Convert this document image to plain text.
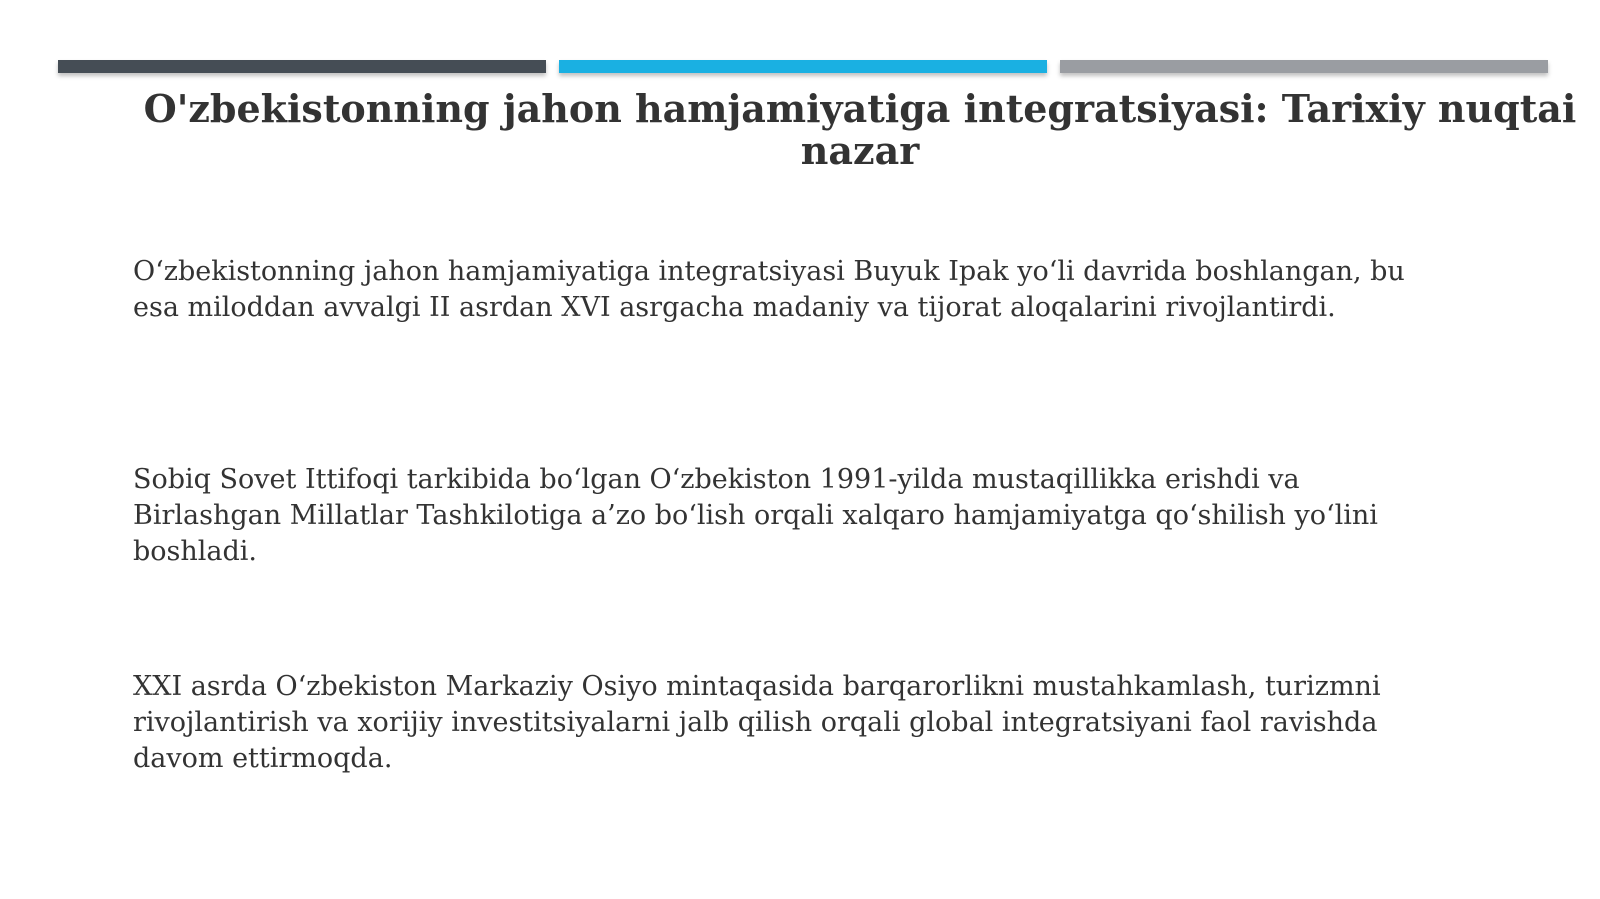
O'zbekistonning jahon hamjamiyatiga integratsiyasi: Tarixiy nuqtai
nazar

O‘zbekistonning jahon hamjamiyatiga integratsiyasi Buyuk Ipak yo‘li davrida boshlangan, bu
esa miloddan avvalgi II asrdan XVI asrgacha madaniy va tijorat aloqalarini rivojlantirdi.

Sobiq Sovet Ittifoqi tarkibida bo‘lgan O‘zbekiston 1991-yilda mustaqillikka erishdi va
Birlashgan Millatlar Tashkilotiga a’zo bo‘lish orqali xalqaro hamjamiyatga qo‘shilish yo‘lini
boshladi.

XXI asrda O‘zbekiston Markaziy Osiyo mintaqasida barqarorlikni mustahkamlash, turizmni
rivojlantirish va xorijiy investitsiyalarni jalb qilish orqali global integratsiyani faol ravishda
davom ettirmoqda.
